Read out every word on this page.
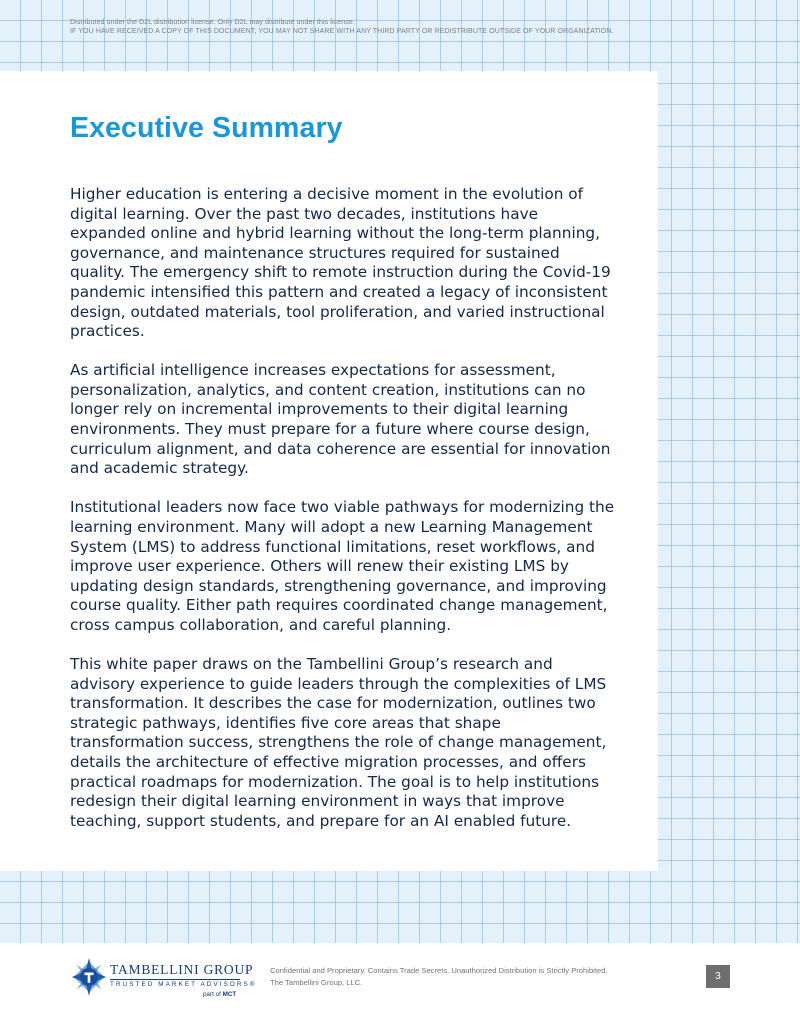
Distributed under the D2L distribution license. Only D2L may distribute under this license.
IF YOU HAVE RECEIVED A COPY OF THIS DOCUMENT, YOU MAY NOT SHARE WITH ANY THIRD PARTY OR REDISTRIBUTE OUTSIDE OF YOUR ORGANIZATION.
Executive Summary

Higher education is entering a decisive moment in the evolution of digital learning. Over the past two decades, institutions have expanded online and hybrid learning without the long-term planning, governance, and maintenance structures required for sustained quality. The emergency shift to remote instruction during the Covid-19 pandemic intensified this pattern and created a legacy of inconsistent design, outdated materials, tool proliferation, and varied instructional practices.

As artificial intelligence increases expectations for assessment, personalization, analytics, and content creation, institutions can no longer rely on incremental improvements to their digital learning environments. They must prepare for a future where course design, curriculum alignment, and data coherence are essential for innovation and academic strategy.

Institutional leaders now face two viable pathways for modernizing the learning environment. Many will adopt a new Learning Management System (LMS) to address functional limitations, reset workflows, and improve user experience. Others will renew their existing LMS by updating design standards, strengthening governance, and improving course quality. Either path requires coordinated change management, cross campus collaboration, and careful planning.

This white paper draws on the Tambellini Group’s research and advisory experience to guide leaders through the complexities of LMS transformation. It describes the case for modernization, outlines two strategic pathways, identifies five core areas that shape transformation success, strengthens the role of change management, details the architecture of effective migration processes, and offers practical roadmaps for modernization. The goal is to help institutions redesign their digital learning environment in ways that improve teaching, support students, and prepare for an AI enabled future.

TAMBELLINI GROUP
TRUSTED MARKET ADVISORS®
part of MCT
Confidential and Proprietary. Contains Trade Secrets. Unauthorized Distribution is Strictly Prohibited.
The Tambellini Group, LLC.
3
